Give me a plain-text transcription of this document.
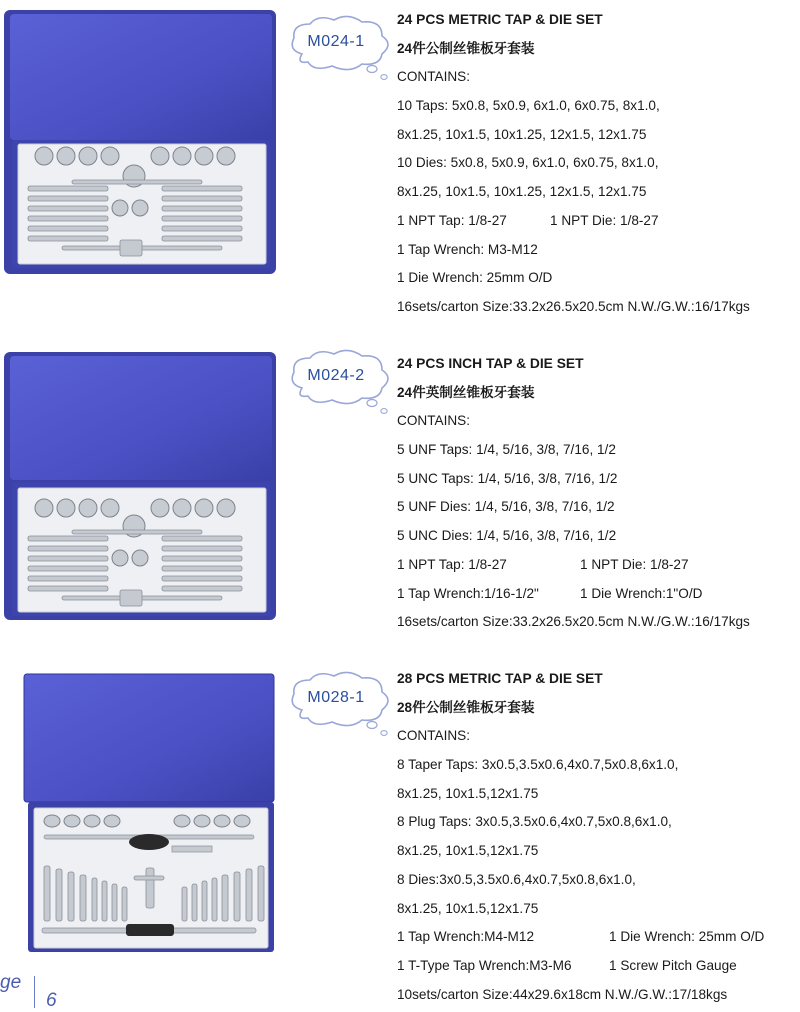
M024-1
24 PCS METRIC TAP & DIE SET
24件公制丝锥板牙套装
CONTAINS:
10 Taps: 5x0.8, 5x0.9, 6x1.0, 6x0.75, 8x1.0,
8x1.25, 10x1.5, 10x1.25, 12x1.5, 12x1.75
10 Dies: 5x0.8, 5x0.9, 6x1.0, 6x0.75, 8x1.0,
8x1.25, 10x1.5, 10x1.25, 12x1.5, 12x1.75
1 NPT Tap: 1/8-27	1 NPT Die: 1/8-27
1 Tap Wrench: M3-M12
1 Die Wrench: 25mm O/D
16sets/carton Size:33.2x26.5x20.5cm N.W./G.W.:16/17kgs
M024-2
24 PCS INCH TAP & DIE SET
24件英制丝锥板牙套装
CONTAINS:
5 UNF Taps: 1/4, 5/16, 3/8, 7/16, 1/2
5 UNC Taps: 1/4, 5/16, 3/8, 7/16, 1/2
5 UNF Dies: 1/4, 5/16, 3/8, 7/16, 1/2
5 UNC Dies: 1/4, 5/16, 3/8, 7/16, 1/2
1 NPT Tap: 1/8-27	1 NPT Die: 1/8-27
1 Tap Wrench:1/16-1/2"	1 Die Wrench:1"O/D
16sets/carton Size:33.2x26.5x20.5cm N.W./G.W.:16/17kgs
M028-1
28 PCS METRIC TAP & DIE SET
28件公制丝锥板牙套装
CONTAINS:
8 Taper Taps: 3x0.5,3.5x0.6,4x0.7,5x0.8,6x1.0,
8x1.25, 10x1.5,12x1.75
8 Plug Taps: 3x0.5,3.5x0.6,4x0.7,5x0.8,6x1.0,
8x1.25, 10x1.5,12x1.75
8 Dies:3x0.5,3.5x0.6,4x0.7,5x0.8,6x1.0,
8x1.25, 10x1.5,12x1.75
1 Tap Wrench:M4-M12	1 Die Wrench: 25mm O/D
1 T-Type Tap Wrench:M3-M6	1 Screw Pitch Gauge
10sets/carton Size:44x29.6x18cm N.W./G.W.:17/18kgs
ge
6
